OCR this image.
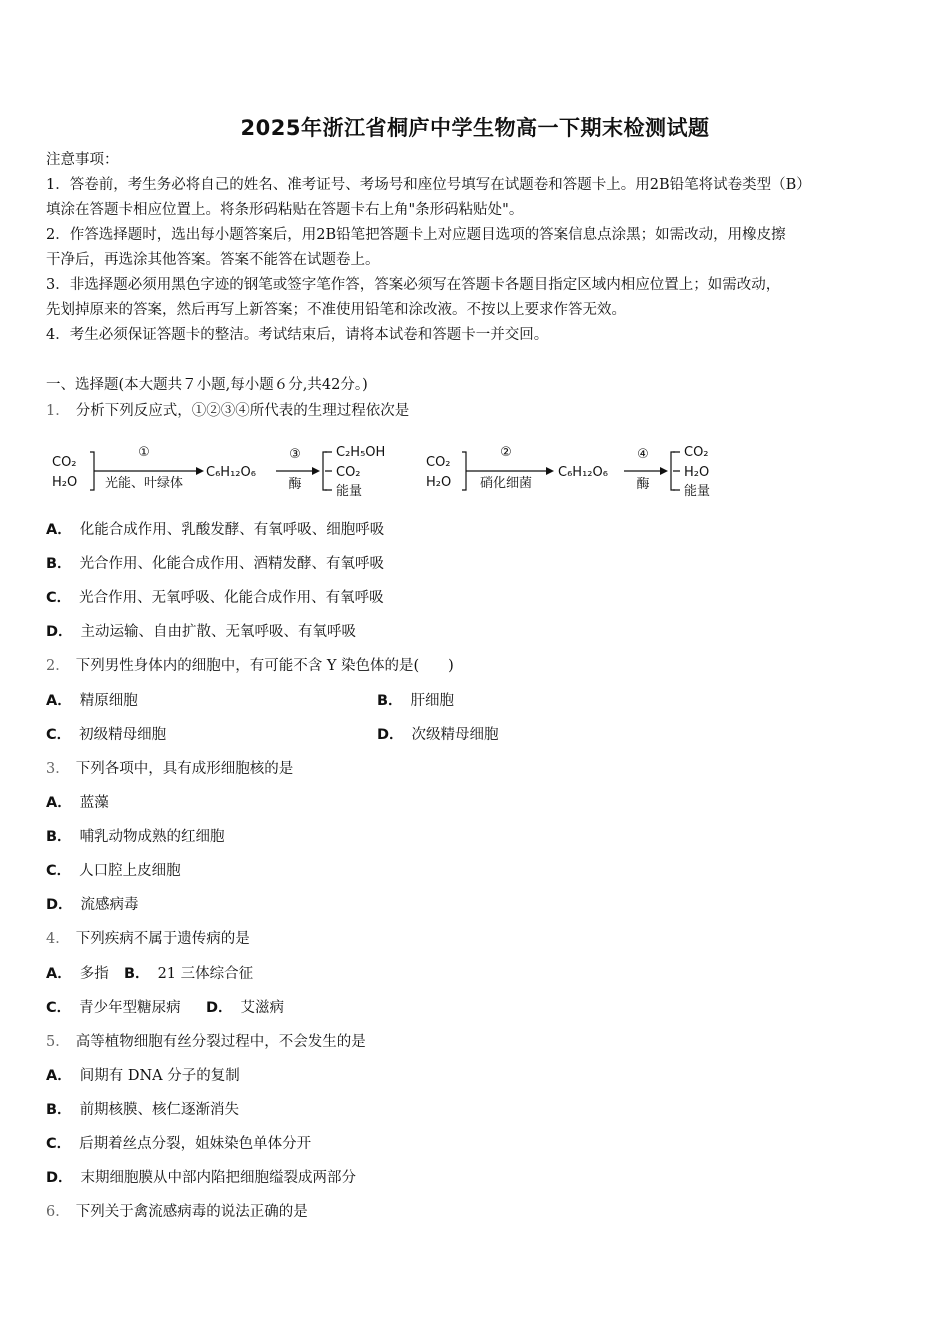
2025年浙江省桐庐中学生物高一下期末检测试题

注意事项：

1．答卷前，考生务必将自己的姓名、准考证号、考场号和座位号填写在试题卷和答题卡上。用2B铅笔将试卷类型（B）

填涂在答题卡相应位置上。将条形码粘贴在答题卡右上角"条形码粘贴处"。

2．作答选择题时，选出每小题答案后，用2B铅笔把答题卡上对应题目选项的答案信息点涂黑；如需改动，用橡皮擦

干净后，再选涂其他答案。答案不能答在试题卷上。

3．非选择题必须用黑色字迹的钢笔或签字笔作答，答案必须写在答题卡各题目指定区域内相应位置上；如需改动，

先划掉原来的答案，然后再写上新答案；不准使用铅笔和涂改液。不按以上要求作答无效。

4．考生必须保证答题卡的整洁。考试结束后，请将本试卷和答题卡一并交回。

一、选择题(本大题共７小题,每小题６分,共42分。)
1． 分析下列反应式，①②③④所代表的生理过程依次是
CO₂
H₂O
①
光能、叶绿体
C₆H₁₂O₆
③
酶
C₂H₅OH
CO₂
能量
CO₂
H₂O
②
硝化细菌
C₆H₁₂O₆
④
酶
CO₂
H₂O
能量
A． 化能合成作用、乳酸发酵、有氧呼吸、细胞呼吸
B． 光合作用、化能合成作用、酒精发酵、有氧呼吸
C． 光合作用、无氧呼吸、化能合成作用、有氧呼吸
D． 主动运输、自由扩散、无氧呼吸、有氧呼吸
2． 下列男性身体内的细胞中，有可能不含 Y 染色体的是(　　)
A． 精原细胞	B． 肝细胞
C． 初级精母细胞	D． 次级精母细胞
3． 下列各项中，具有成形细胞核的是
A． 蓝藻
B． 哺乳动物成熟的红细胞
C． 人口腔上皮细胞
D． 流感病毒
4． 下列疾病不属于遗传病的是
A． 多指 B． 21 三体综合征
C． 青少年型糖尿病 D． 艾滋病
5． 高等植物细胞有丝分裂过程中，不会发生的是
A． 间期有 DNA 分子的复制
B． 前期核膜、核仁逐渐消失
C． 后期着丝点分裂，姐妹染色单体分开
D． 末期细胞膜从中部内陷把细胞缢裂成两部分
6． 下列关于禽流感病毒的说法正确的是
